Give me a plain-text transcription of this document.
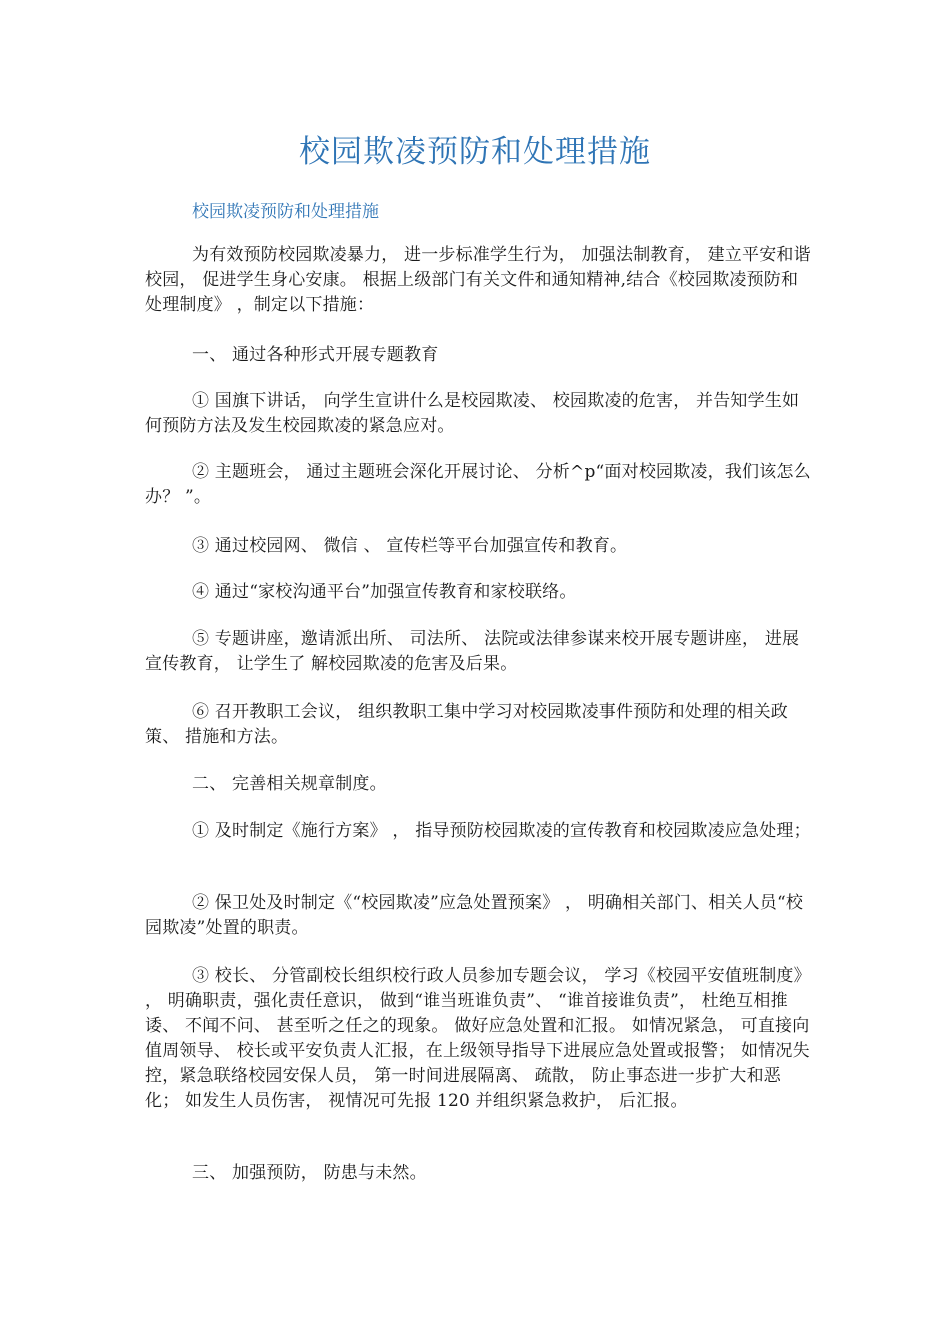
校园欺凌预防和处理措施
校园欺凌预防和处理措施
为有效预防校园欺凌暴力， 进一步标准学生行为， 加强法制教育， 建立平安和谐校园， 促进学生身心安康。 根据上级部门有关文件和通知精神,结合《校园欺凌预防和处理制度》 ，制定以下措施：
一、 通过各种形式开展专题教育
① 国旗下讲话， 向学生宣讲什么是校园欺凌、 校园欺凌的危害， 并告知学生如何预防方法及发生校园欺凌的紧急应对。
② 主题班会， 通过主题班会深化开展讨论、 分析^p“面对校园欺凌，我们该怎么办？ ”。
③ 通过校园网、 微信 、 宣传栏等平台加强宣传和教育。
④ 通过“家校沟通平台”加强宣传教育和家校联络。
⑤ 专题讲座，邀请派出所、 司法所、 法院或法律参谋来校开展专题讲座， 进展宣传教育， 让学生了 解校园欺凌的危害及后果。
⑥ 召开教职工会议， 组织教职工集中学习对校园欺凌事件预防和处理的相关政策、 措施和方法。
二、 完善相关规章制度。
① 及时制定《施行方案》 ， 指导预防校园欺凌的宣传教育和校园欺凌应急处理；
② 保卫处及时制定《“校园欺凌”应急处置预案》 ， 明确相关部门、相关人员“校园欺凌”处置的职责。
③ 校长、 分管副校长组织校行政人员参加专题会议， 学习《校园平安值班制度》 ， 明确职责，强化责任意识， 做到“谁当班谁负责”、 “谁首接谁负责”， 杜绝互相推诿、 不闻不问、 甚至听之任之的现象。 做好应急处置和汇报。 如情况紧急， 可直接向值周领导、 校长或平安负责人汇报，在上级领导指导下进展应急处置或报警； 如情况失控，紧急联络校园安保人员， 第一时间进展隔离、 疏散， 防止事态进一步扩大和恶化； 如发生人员伤害， 视情况可先报 120 并组织紧急救护， 后汇报。
三、 加强预防， 防患与未然。
